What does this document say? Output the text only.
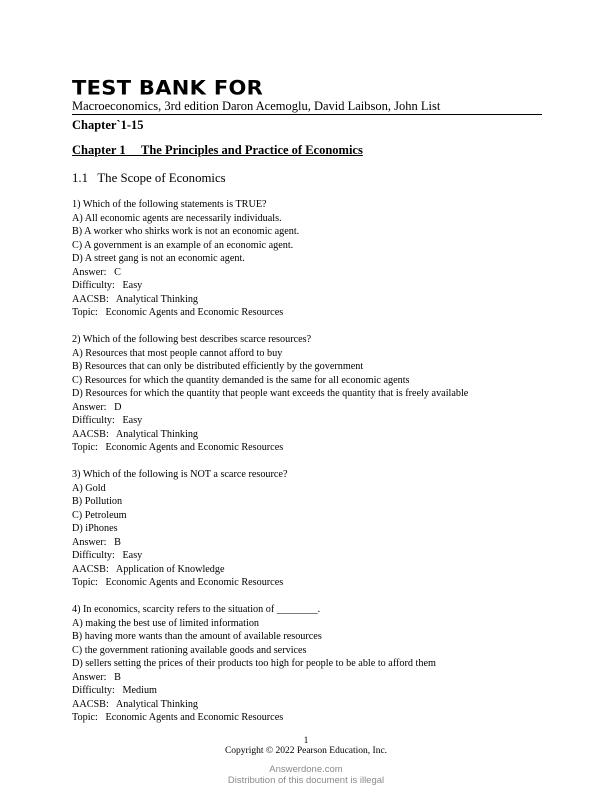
TEST BANK FOR
Macroeconomics, 3rd edition Daron Acemoglu, David Laibson, John List
Chapter`1-15
Chapter 1     The Principles and Practice of Economics
1.1   The Scope of Economics
1) Which of the following statements is TRUE?
A) All economic agents are necessarily individuals.
B) A worker who shirks work is not an economic agent.
C) A government is an example of an economic agent.
D) A street gang is not an economic agent.
Answer:   C
Difficulty:   Easy
AACSB:   Analytical Thinking
Topic:   Economic Agents and Economic Resources
2) Which of the following best describes scarce resources?
A) Resources that most people cannot afford to buy
B) Resources that can only be distributed efficiently by the government
C) Resources for which the quantity demanded is the same for all economic agents
D) Resources for which the quantity that people want exceeds the quantity that is freely available
Answer:   D
Difficulty:   Easy
AACSB:   Analytical Thinking
Topic:   Economic Agents and Economic Resources
3) Which of the following is NOT a scarce resource?
A) Gold
B) Pollution
C) Petroleum
D) iPhones
Answer:   B
Difficulty:   Easy
AACSB:   Application of Knowledge
Topic:   Economic Agents and Economic Resources
4) In economics, scarcity refers to the situation of ________.
A) making the best use of limited information
B) having more wants than the amount of available resources
C) the government rationing available goods and services
D) sellers setting the prices of their products too high for people to be able to afford them
Answer:   B
Difficulty:   Medium
AACSB:   Analytical Thinking
Topic:   Economic Agents and Economic Resources
1
Copyright © 2022 Pearson Education, Inc.
Answerdone.com
Distribution of this document is illegal
